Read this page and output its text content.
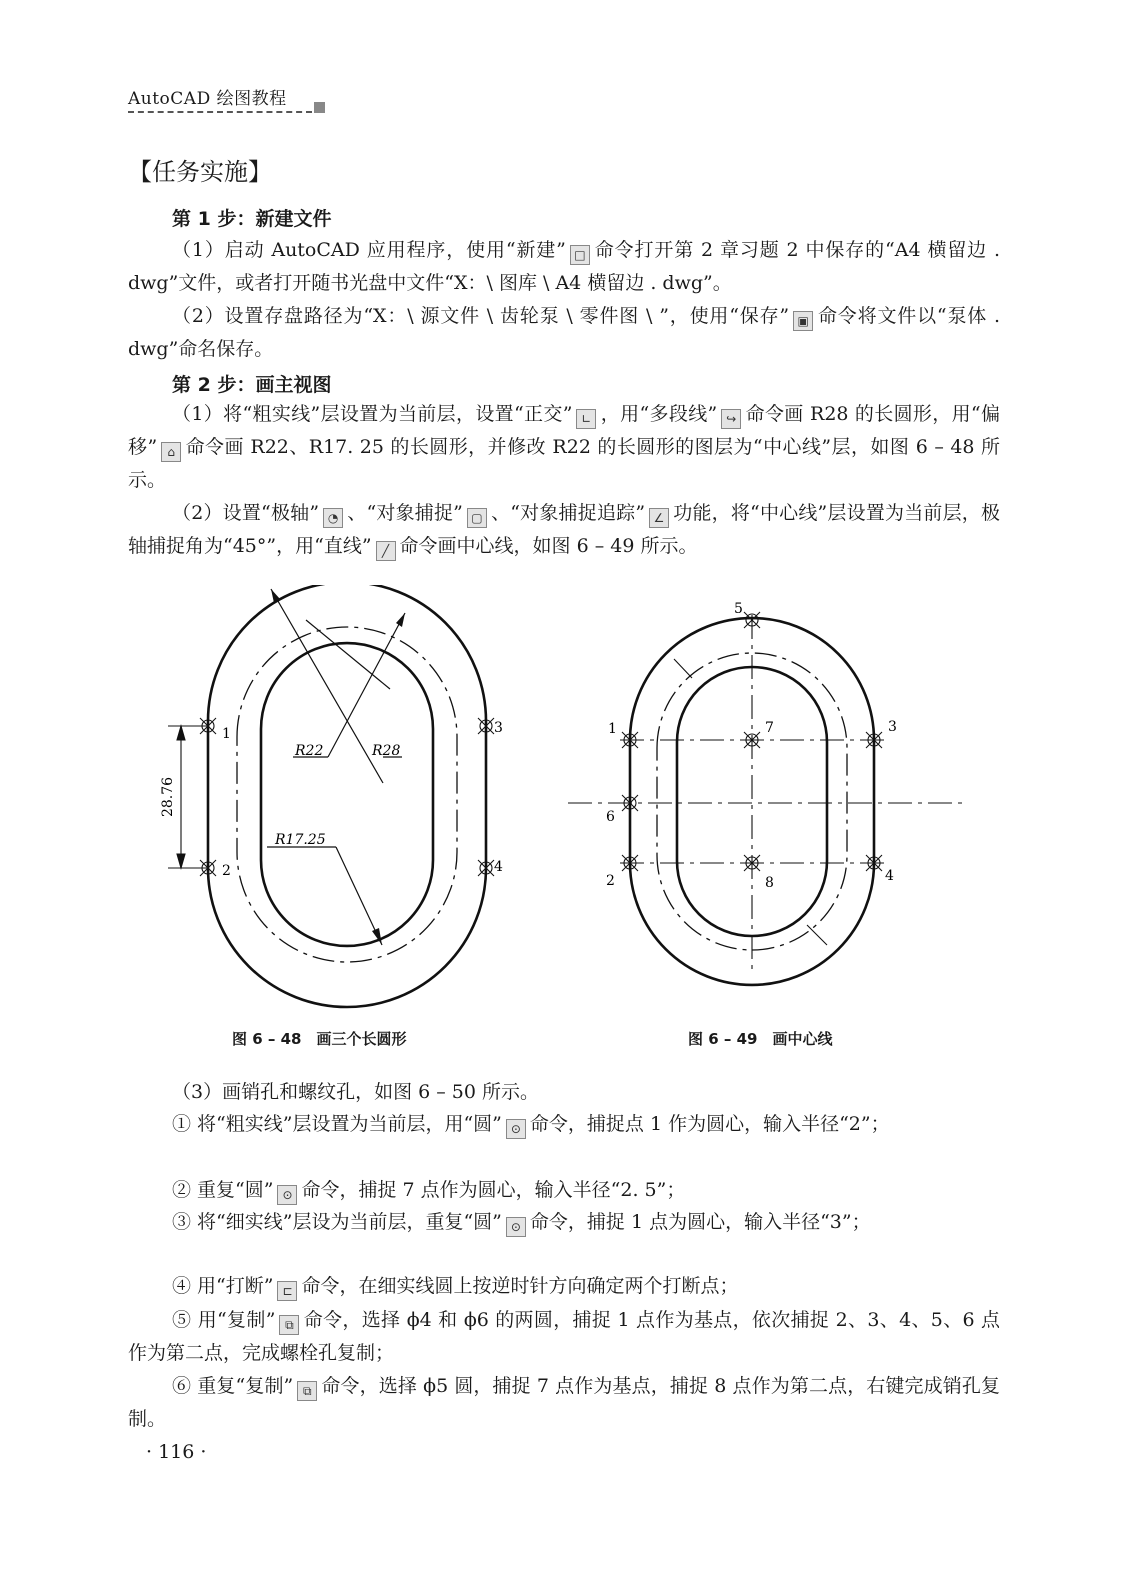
AutoCAD 绘图教程
【任务实施】
第 1 步：新建文件

（1）启动 AutoCAD 应用程序，使用“新建” □ 命令打开第 2 章习题 2 中保存的“A4 横留边 . dwg”文件，或者打开随书光盘中文件“X：\ 图库 \ A4 横留边 . dwg”。

（2）设置存盘路径为“X：\ 源文件 \ 齿轮泵 \ 零件图 \ ”，使用“保存” ▣ 命令将文件以“泵体 . dwg”命名保存。

第 2 步：画主视图

（1）将“粗实线”层设置为当前层，设置“正交” ∟ ，用“多段线” ↪ 命令画 R28 的长圆形，用“偏移” ⌂ 命令画 R22、R17. 25 的长圆形，并修改 R22 的长圆形的图层为“中心线”层，如图 6 – 48 所示。

（2）设置“极轴” ◔ 、“对象捕捉” ▢ 、“对象捕捉追踪” ∠ 功能，将“中心线”层设置为当前层，极轴捕捉角为“45°”，用“直线” ╱ 命令画中心线，如图 6 – 49 所示。

28.76
R22	R28
R17.25
1
2
3
4
1
2
3
4
5
6
7
8
图 6 – 48　画三个长圆形	图 6 – 49　画中心线

（3）画销孔和螺纹孔，如图 6 – 50 所示。

① 将“粗实线”层设置为当前层，用“圆” ⊙ 命令，捕捉点 1 作为圆心，输入半径“2”；

② 重复“圆” ⊙ 命令，捕捉 7 点作为圆心，输入半径“2. 5”；

③ 将“细实线”层设为当前层，重复“圆” ⊙ 命令，捕捉 1 点为圆心，输入半径“3”；

④ 用“打断” ⊏ 命令，在细实线圆上按逆时针方向确定两个打断点；

⑤ 用“复制” ⧉ 命令，选择 ϕ4 和 ϕ6 的两圆，捕捉 1 点作为基点，依次捕捉 2、3、4、5、6 点作为第二点，完成螺栓孔复制；

⑥ 重复“复制” ⧉ 命令，选择 ϕ5 圆，捕捉 7 点作为基点，捕捉 8 点作为第二点，右键完成销孔复制。

· 116 ·
